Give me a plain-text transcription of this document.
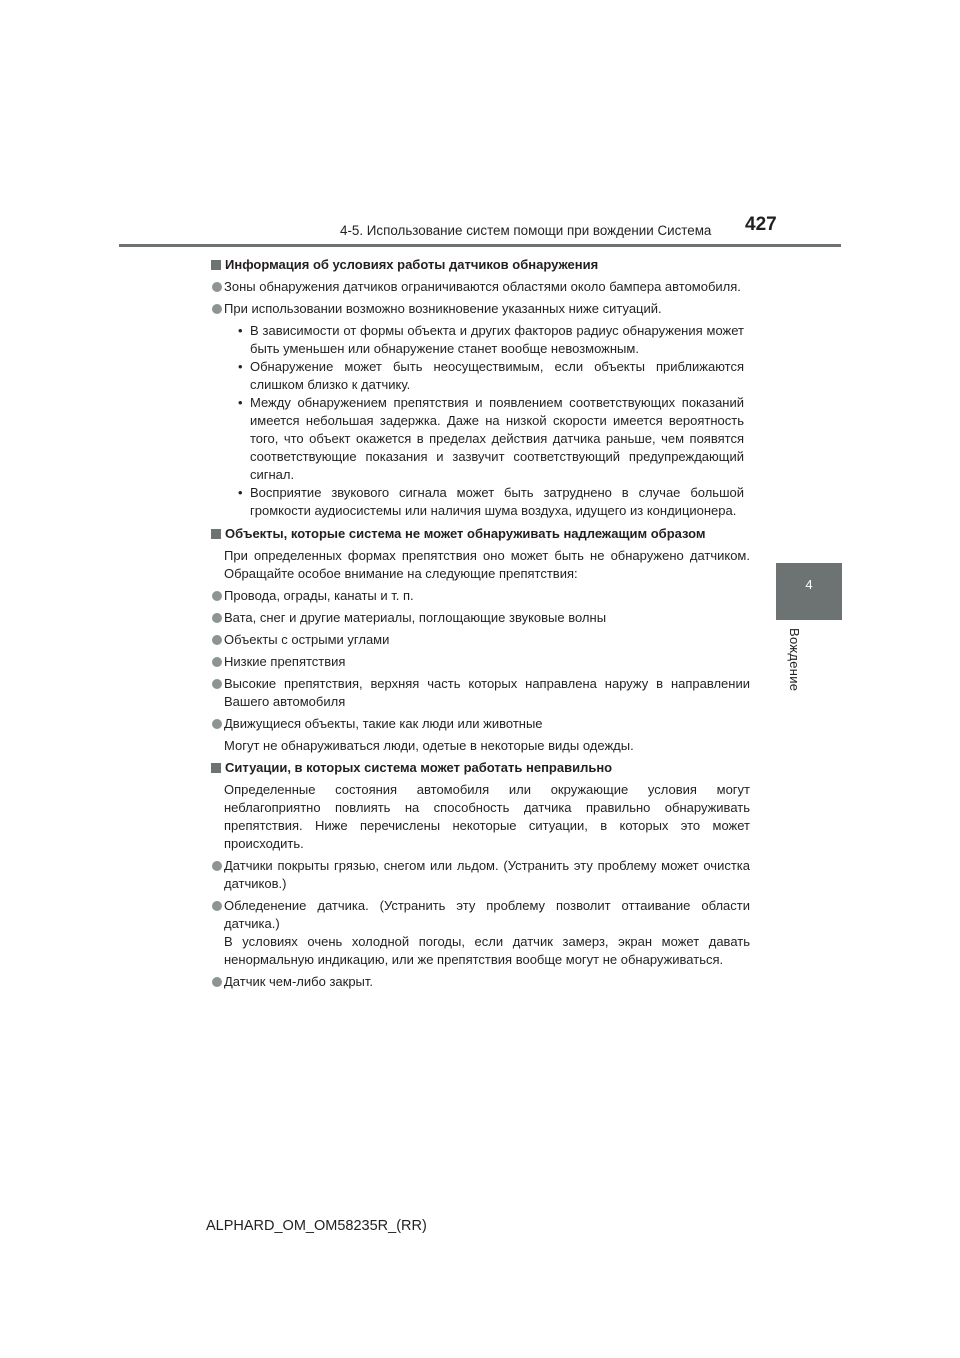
4-5. Использование систем помощи при вождении Система 427
4
Вождение
Информация об условиях работы датчиков обнаружения
Зоны обнаружения датчиков ограничиваются областями около бампера автомобиля.
При использовании возможно возникновение указанных ниже ситуаций.
• В зависимости от формы объекта и других факторов радиус обнаружения может быть уменьшен или обнаружение станет вообще невозможным.
• Обнаружение может быть неосуществимым, если объекты приближаются слишком близко к датчику.
• Между обнаружением препятствия и появлением соответствующих показаний имеется небольшая задержка. Даже на низкой скорости имеется вероятность того, что объект окажется в пределах действия датчика раньше, чем появятся соответствующие показания и зазвучит соответствующий предупреждающий сигнал.
• Восприятие звукового сигнала может быть затруднено в случае большой громкости аудиосистемы или наличия шума воздуха, идущего из кондиционера.
Объекты, которые система не может обнаруживать надлежащим образом
При определенных формах препятствия оно может быть не обнаружено датчиком. Обращайте особое внимание на следующие препятствия:
Провода, ограды, канаты и т. п.
Вата, снег и другие материалы, поглощающие звуковые волны
Объекты с острыми углами
Низкие препятствия
Высокие препятствия, верхняя часть которых направлена наружу в направлении Вашего автомобиля
Движущиеся объекты, такие как люди или животные
Могут не обнаруживаться люди, одетые в некоторые виды одежды.
Ситуации, в которых система может работать неправильно
Определенные состояния автомобиля или окружающие условия могут неблагоприятно повлиять на способность датчика правильно обнаруживать препятствия. Ниже перечислены некоторые ситуации, в которых это может происходить.
Датчики покрыты грязью, снегом или льдом. (Устранить эту проблему может очистка датчиков.)
Обледенение датчика. (Устранить эту проблему позволит оттаивание области датчика.)
В условиях очень холодной погоды, если датчик замерз, экран может давать ненормальную индикацию, или же препятствия вообще могут не обнаруживаться.
Датчик чем-либо закрыт.
ALPHARD_OM_OM58235R_(RR)
